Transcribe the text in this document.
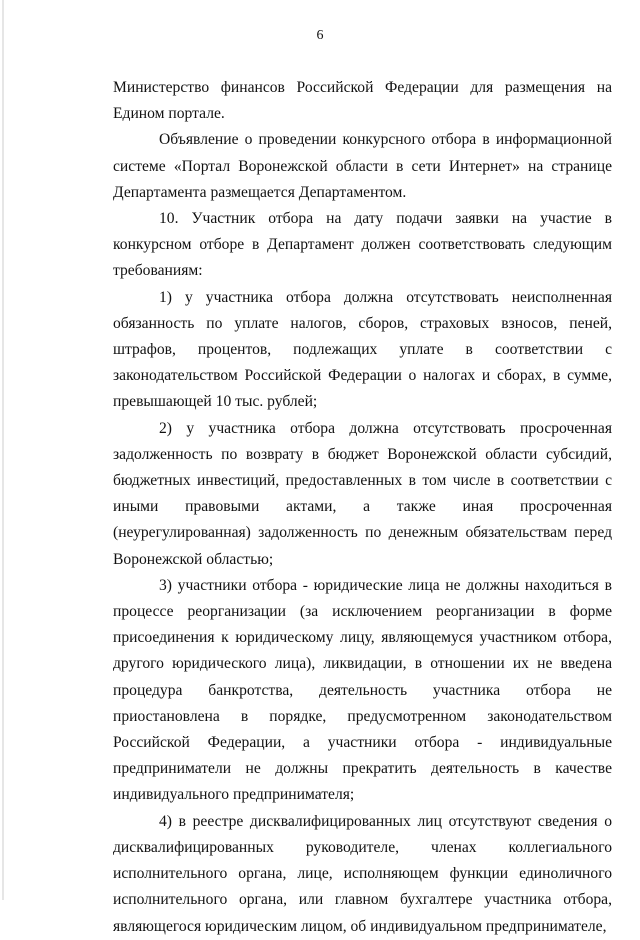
6

Министерство финансов Российской Федерации для размещения на Едином портале.

Объявление о проведении конкурсного отбора в информационной системе «Портал Воронежской области в сети Интернет» на странице Департамента размещается Департаментом.

10. Участник отбора на дату подачи заявки на участие в конкурсном отборе в Департамент должен соответствовать следующим требованиям:

1) у участника отбора должна отсутствовать неисполненная обязанность по уплате налогов, сборов, страховых взносов, пеней, штрафов, процентов, подлежащих уплате в соответствии с законодательством Российской Федерации о налогах и сборах, в сумме, превышающей 10 тыс. рублей;

2) у участника отбора должна отсутствовать просроченная задолженность по возврату в бюджет Воронежской области субсидий, бюджетных инвестиций, предоставленных в том числе в соответствии с иными правовыми актами, а также иная просроченная (неурегулированная) задолженность по денежным обязательствам перед Воронежской областью;

3) участники отбора - юридические лица не должны находиться в процессе реорганизации (за исключением реорганизации в форме присоединения к юридическому лицу, являющемуся участником отбора, другого юридического лица), ликвидации, в отношении их не введена процедура банкротства, деятельность участника отбора не приостановлена в порядке, предусмотренном законодательством Российской Федерации, а участники отбора - индивидуальные предприниматели не должны прекратить деятельность в качестве индивидуального предпринимателя;

4) в реестре дисквалифицированных лиц отсутствуют сведения о дисквалифицированных руководителе, членах коллегиального исполнительного органа, лице, исполняющем функции единоличного исполнительного органа, или главном бухгалтере участника отбора, являющегося юридическим лицом, об индивидуальном предпринимателе,
